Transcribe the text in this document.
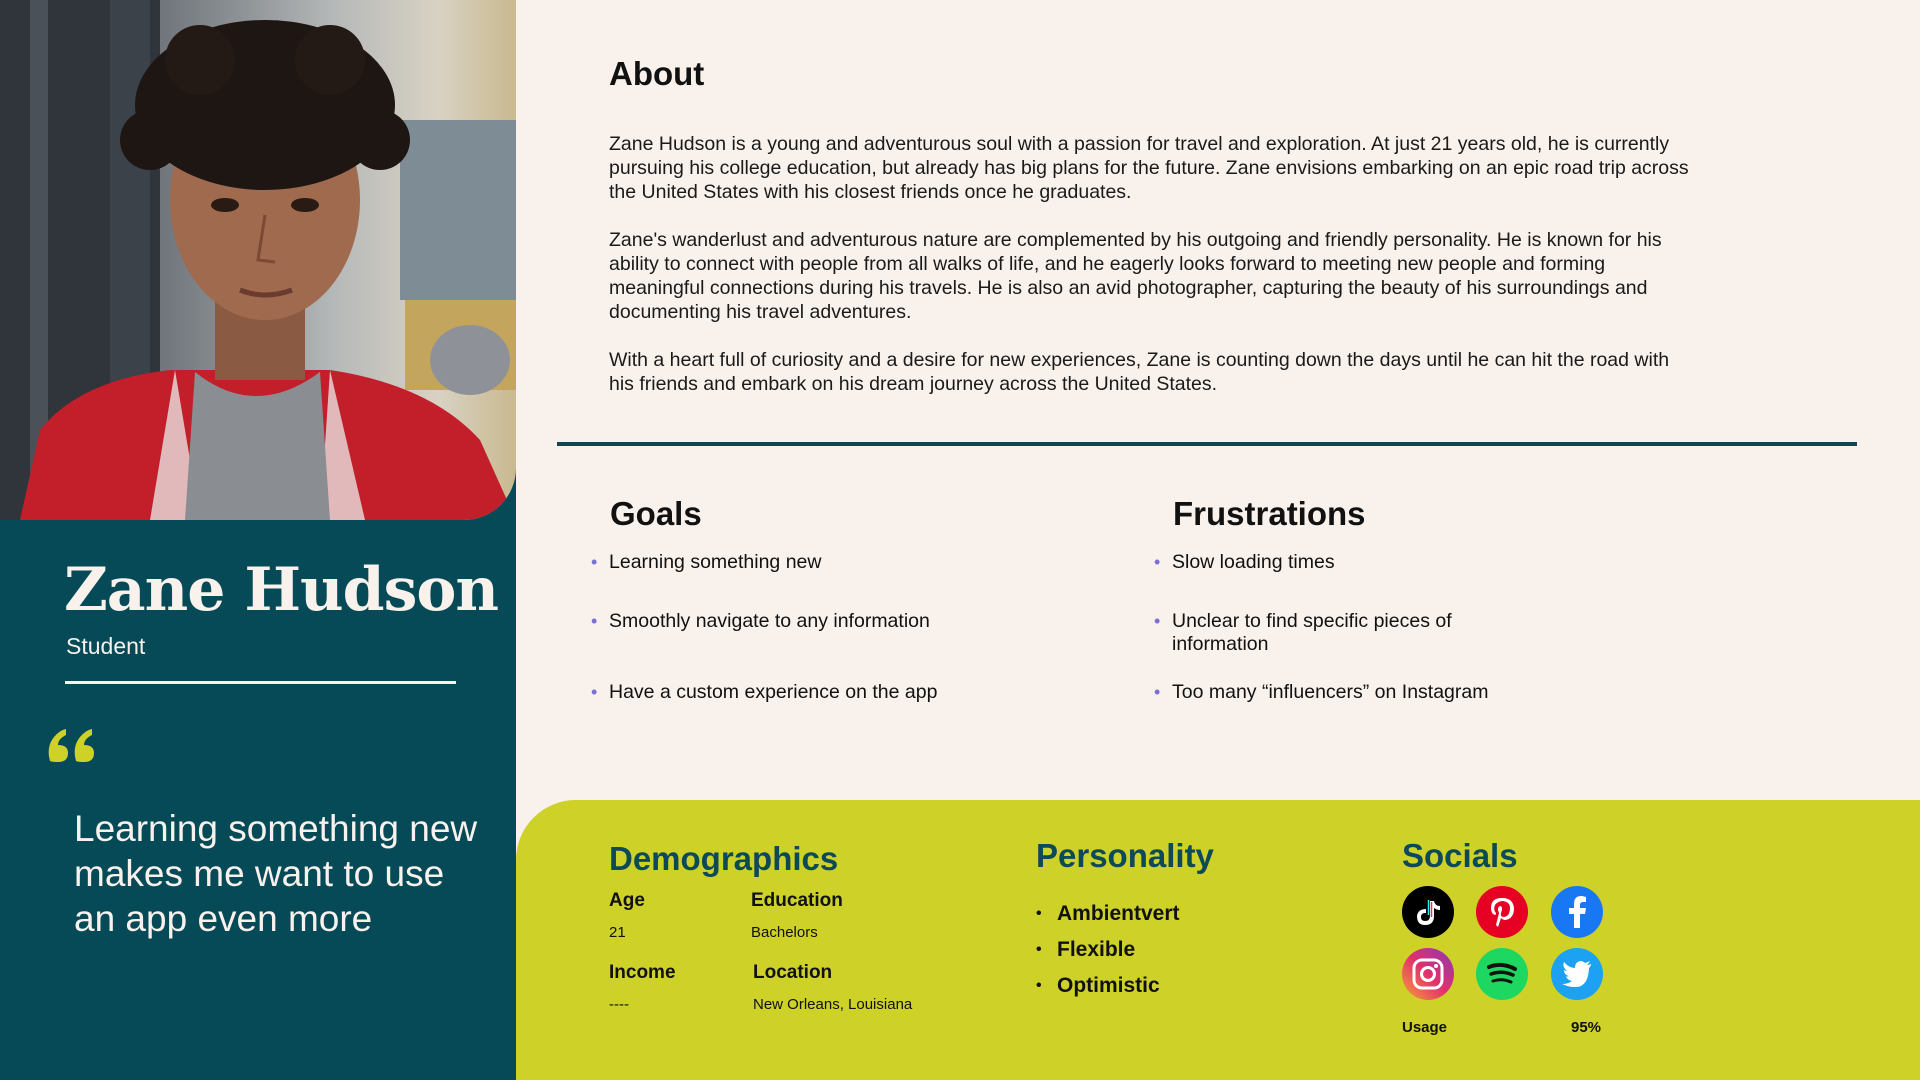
Zane Hudson
Student
Learning something new makes me want to use an app even more
About

Zane Hudson is a young and adventurous soul with a passion for travel and exploration. At just 21 years old, he is currently pursuing his college education, but already has big plans for the future. Zane envisions embarking on an epic road trip across the United States with his closest friends once he graduates.

Zane's wanderlust and adventurous nature are complemented by his outgoing and friendly personality. He is known for his ability to connect with people from all walks of life, and he eagerly looks forward to meeting new people and forming meaningful connections during his travels. He is also an avid photographer, capturing the beauty of his surroundings and documenting his travel adventures.

With a heart full of curiosity and a desire for new experiences, Zane is counting down the days until he can hit the road with his friends and embark on his dream journey across the United States.

Goals
• Learning something new
• Smoothly navigate to any information
• Have a custom experience on the app
Frustrations
• Slow loading times
• Unclear to find specific pieces of information
• Too many “influencers” on Instagram
Demographics
Age
21
Education
Bachelors
Income
----
Location
New Orleans, Louisiana
Personality
• Ambientvert
• Flexible
• Optimistic
Socials
Usage	95%
